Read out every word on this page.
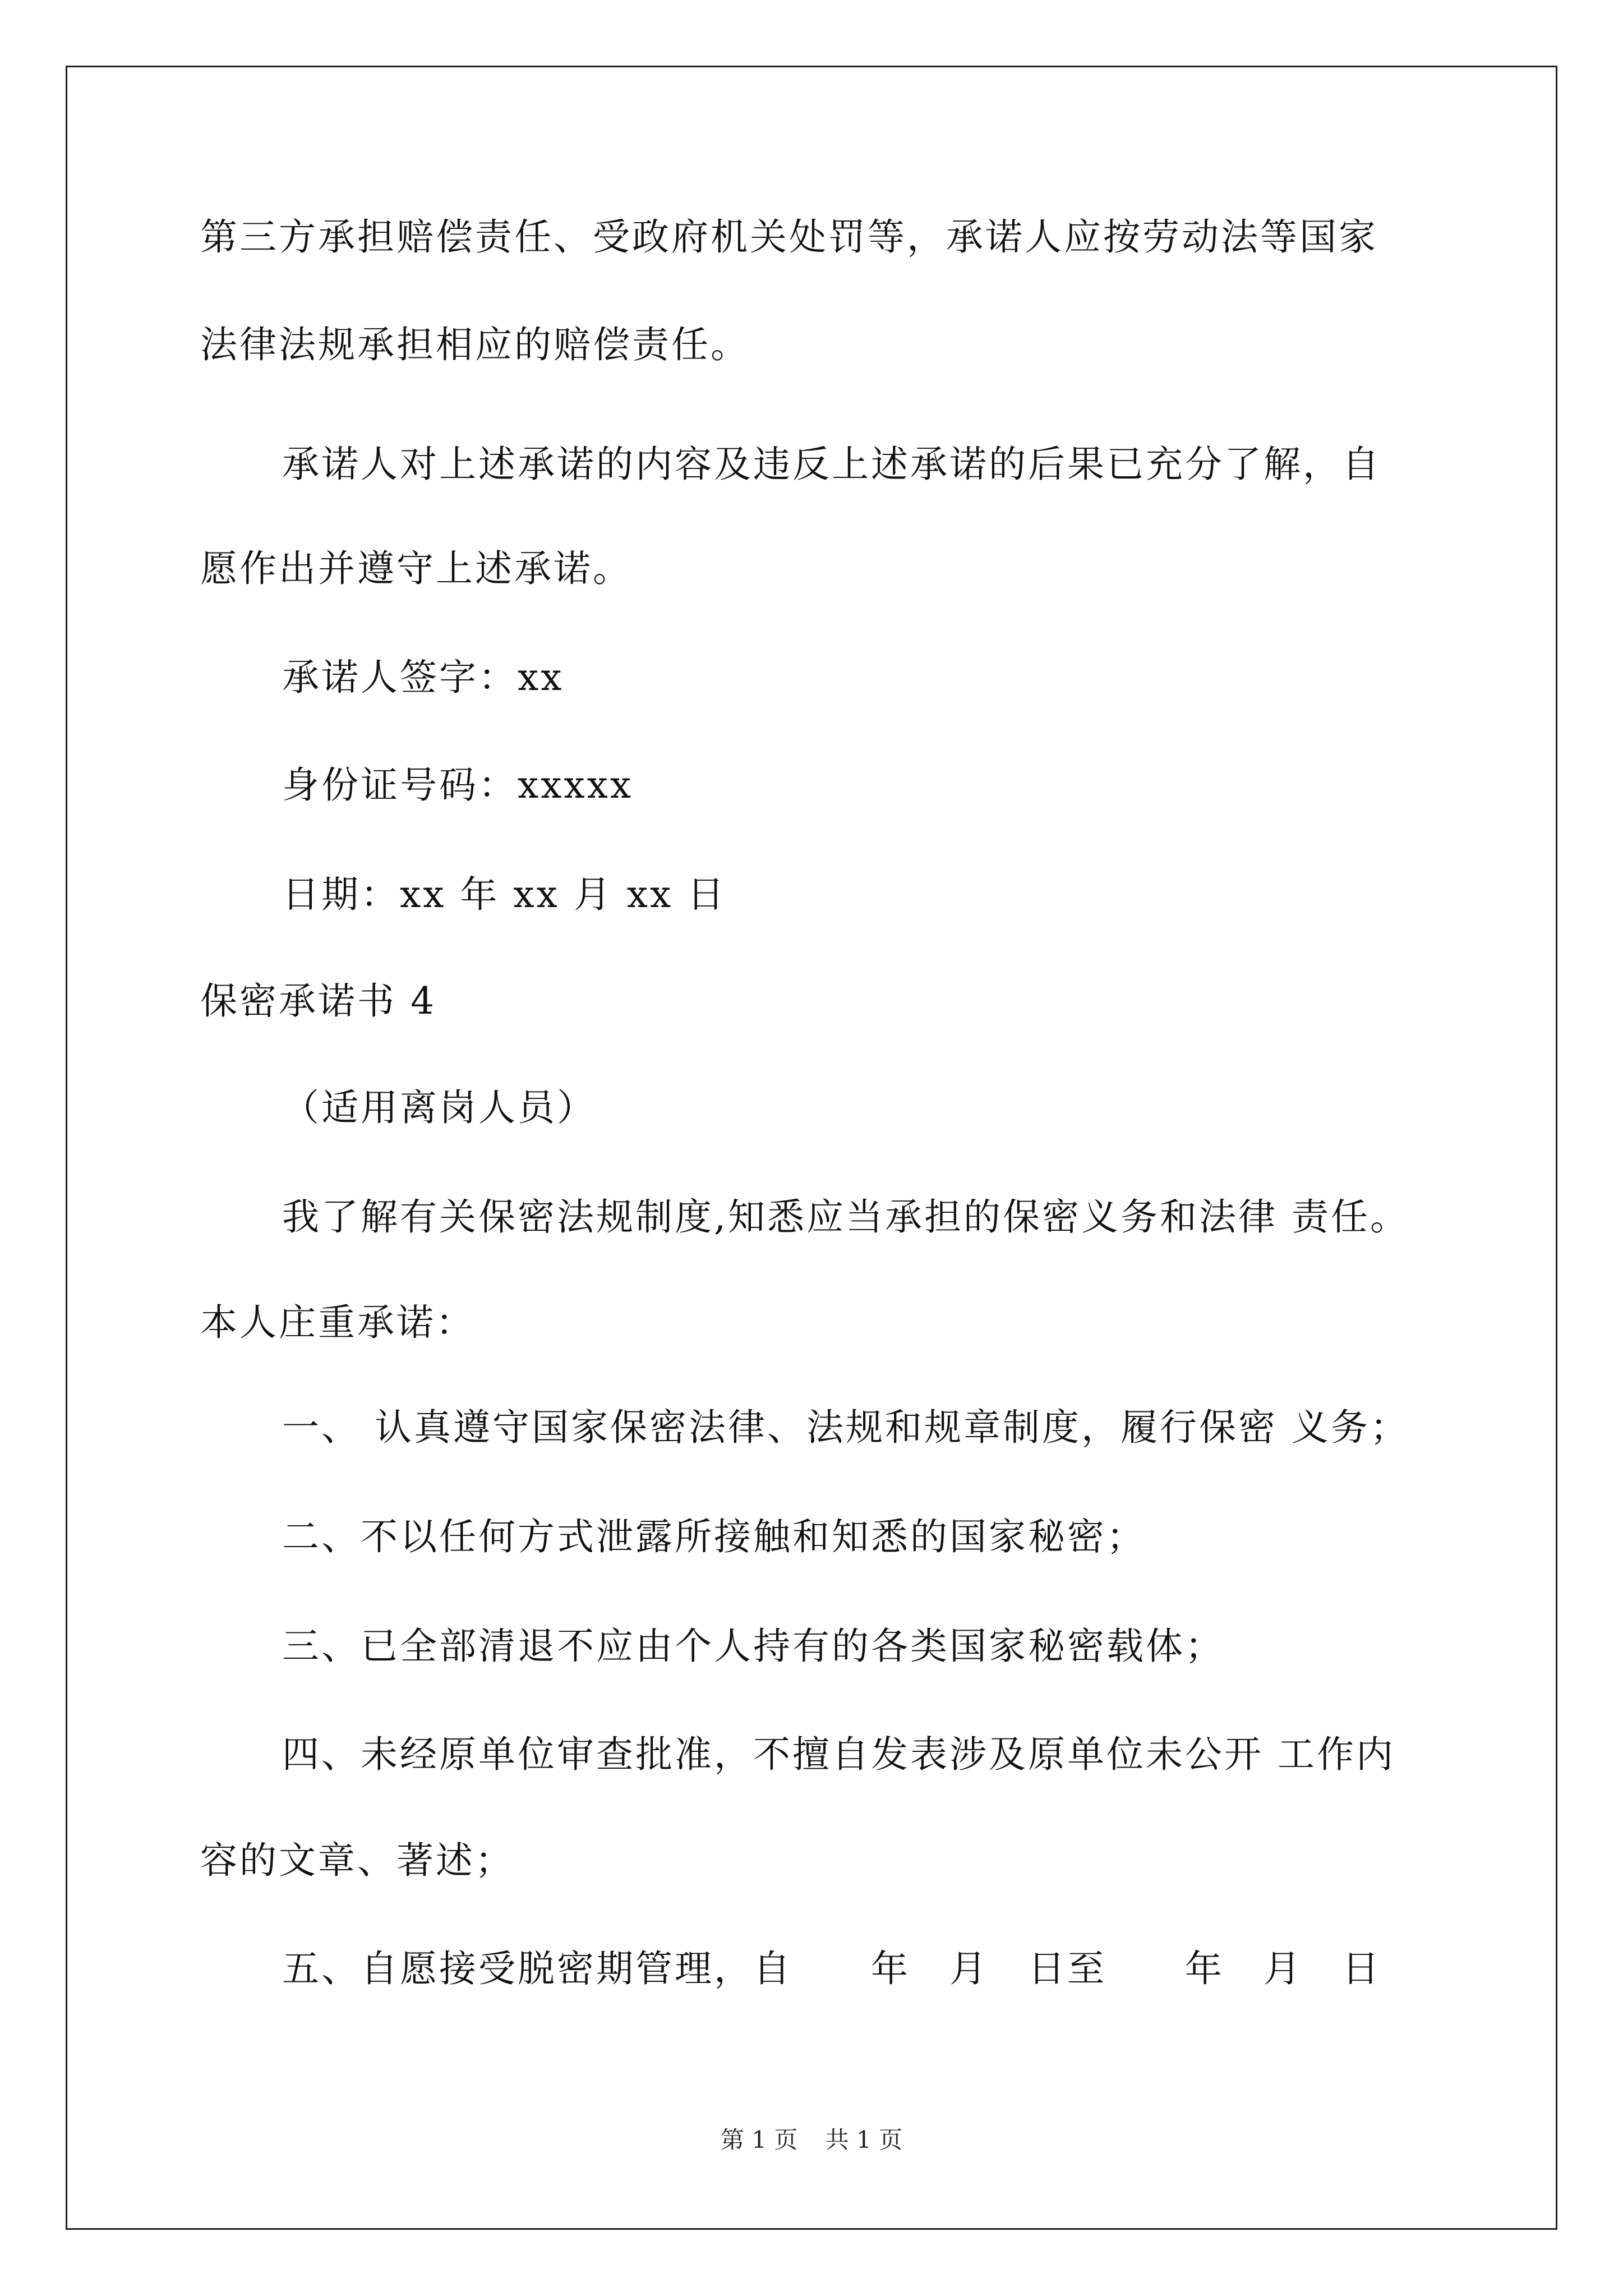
第三方承担赔偿责任、受政府机关处罚等，承诺人应按劳动法等国家
法律法规承担相应的赔偿责任。
承诺人对上述承诺的内容及违反上述承诺的后果已充分了解，自
愿作出并遵守上述承诺。
承诺人签字：xx
身份证号码：xxxxx
日期：xx 年 xx 月 xx 日
保密承诺书 4
（适用离岗人员）
我了解有关保密法规制度,知悉应当承担的保密义务和法律 责任。
本人庄重承诺：
一、 认真遵守国家保密法律、法规和规章制度，履行保密 义务；
二、不以任何方式泄露所接触和知悉的国家秘密；
三、已全部清退不应由个人持有的各类国家秘密载体；
四、未经原单位审查批准，不擅自发表涉及原单位未公开 工作内
容的文章、著述；
五、自愿接受脱密期管理，自　　年　月　日至　　年　月　日
第 1 页 共 1 页
